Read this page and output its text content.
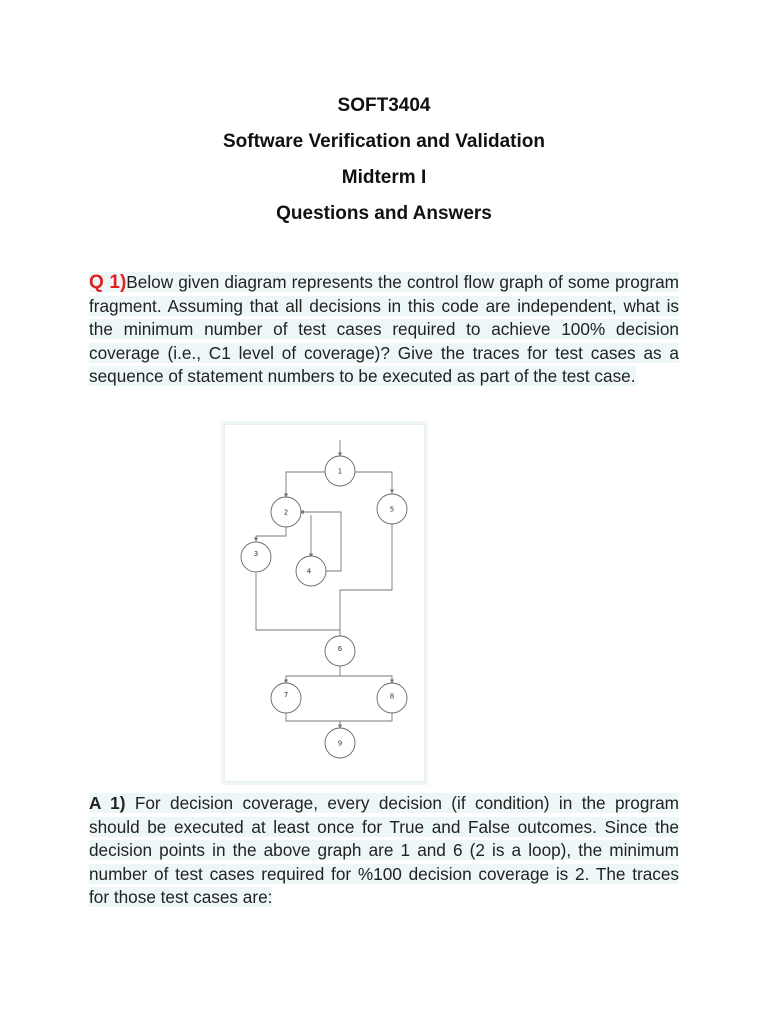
SOFT3404
Software Verification and Validation
Midterm I
Questions and Answers
Q 1)Below given diagram represents the control flow graph of some program fragment. Assuming that all decisions in this code are independent, what is the minimum number of test cases required to achieve 100% decision coverage (i.e., C1 level of coverage)? Give the traces for test cases as a sequence of statement numbers to be executed as part of the test case.
1
2
3
4
5
6
7	8
9
A 1) For decision coverage, every decision (if condition) in the program should be executed at least once for True and False outcomes. Since the decision points in the above graph are 1 and 6 (2 is a loop), the minimum number of test cases required for %100 decision coverage is 2. The traces for those test cases are:
